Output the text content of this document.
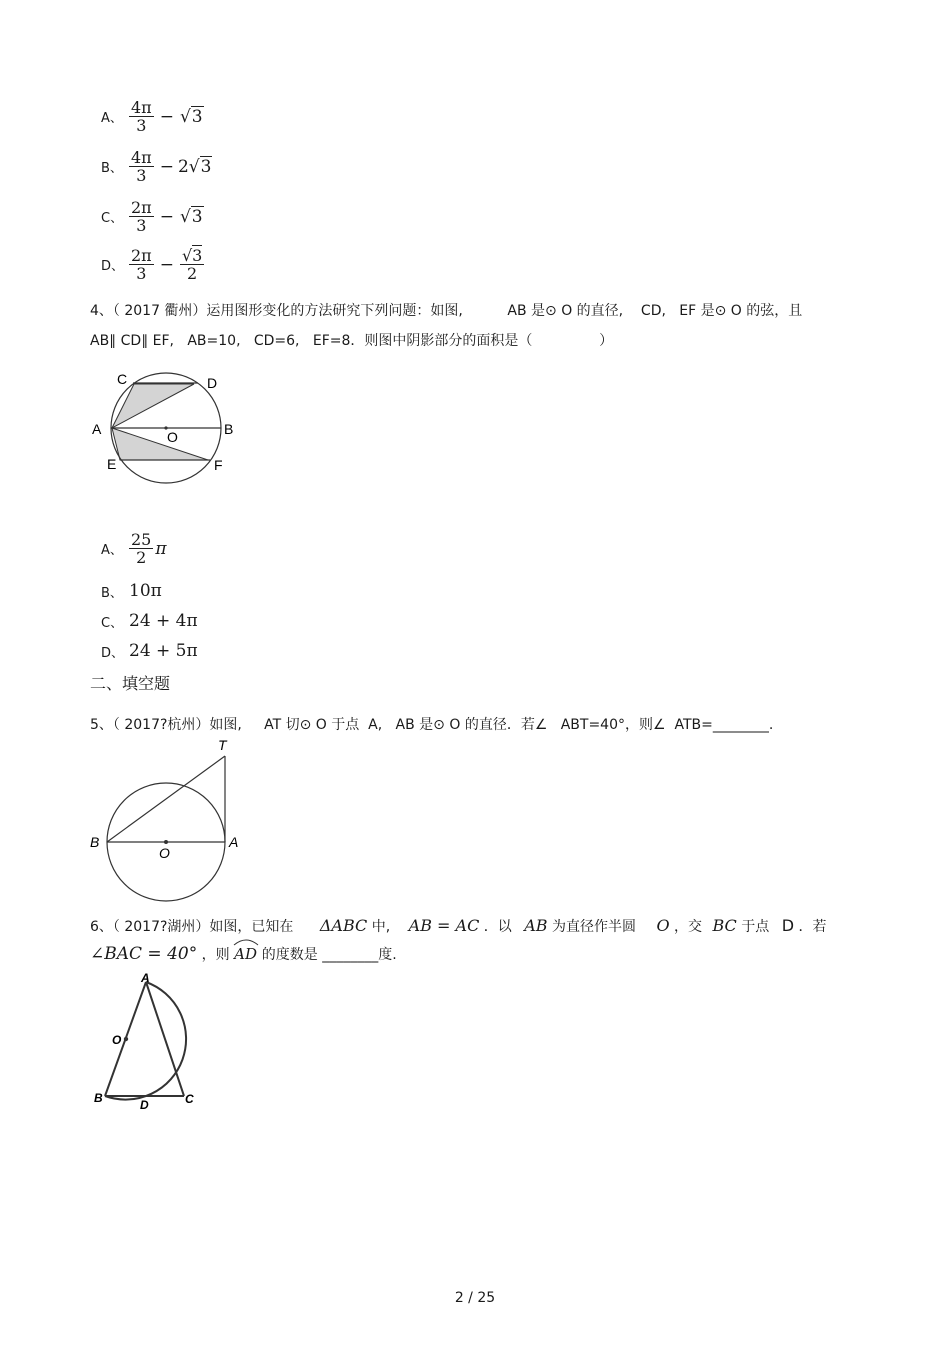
A、 $\frac{4\pi}{3} - √3$
B、 $\frac{4\pi}{3} - 2$ √3
C、 $\frac{2\pi}{3} - √3$
D、 $\frac{2\pi}{3} - \frac{√3}{2}$
4、（ 2017 衢州）运用图形变化的方法研究下列问题：如图,          AB 是⊙ O 的直径,    CD,   EF 是⊙ O 的弦，且
AB∥ CD∥ EF,   AB=10,   CD=6,   EF=8．则图中阴影部分的面积是（               ）
C	D
A	O	B
E	F
A、 $\frac{25}{2}$ π
B、 10π
C、 24 + 4π
D、 24 + 5π
二、填空题
5、（ 2017?杭州）如图,     AT 切⊙ O 于点  A,   AB 是⊙ O 的直径．若∠   ABT=40°，则∠  ATB=________.
T
B
O
A
6、（ 2017?湖州）如图，已知在 ΔABC 中, AB = AC ．以 AB 为直径作半圆 O ，交 BC 于点 D ．若
∠BAC = 40° ，则 AD 的度数是 ________度.
A
O
B	D	C
2 / 25
